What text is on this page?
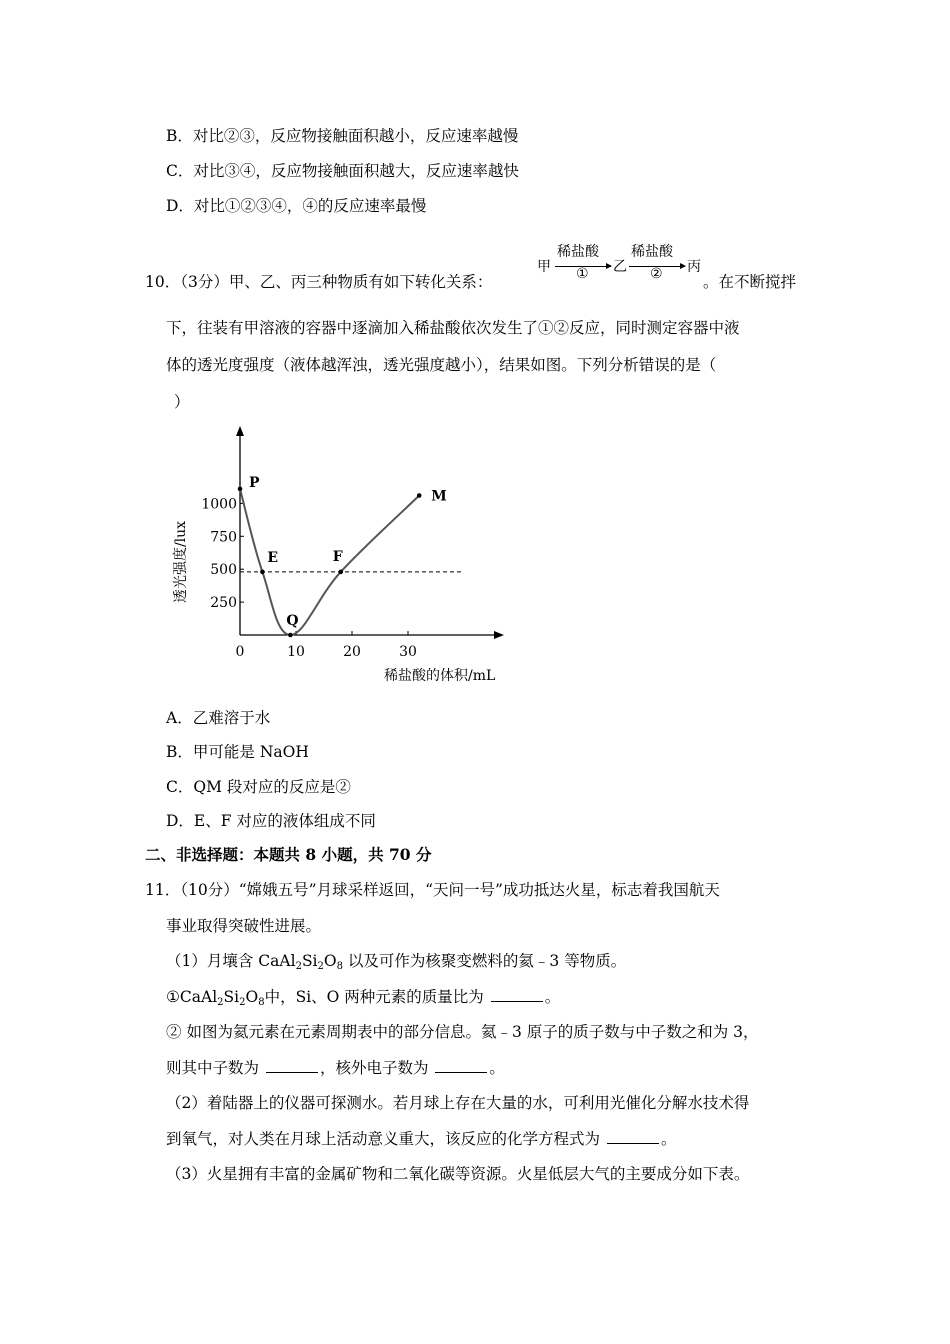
B．对比②③，反应物接触面积越小，反应速率越慢
C．对比③④，反应物接触面积越大，反应速率越快
D．对比①②③④，④的反应速率最慢
10．（3分）甲、乙、丙三种物质有如下转化关系：
甲
稀盐酸
① 乙
稀盐酸
② 丙
。在不断搅拌
下，往装有甲溶液的容器中逐滴加入稀盐酸依次发生了①②反应，同时测定容器中液
体的透光度强度（液体越浑浊，透光强度越小），结果如图。下列分析错误的是（
）
0	10	20	30
250
500
750
1000
P
E
Q
F
M
稀盐酸的体积/mL
透光强度/lux
A．乙难溶于水
B．甲可能是 NaOH
C．QM 段对应的反应是②
D．E、F 对应的液体组成不同
二、非选择题：本题共 8 小题，共 70 分
11．（10分）“嫦娥五号”月球采样返回，“天问一号”成功抵达火星，标志着我国航天
事业取得突破性进展。
（1）月壤含 $CaAl_2Si_2O_8$ 以及可作为核聚变燃料的氦﹣3 等物质。
$①CaAl_2Si_2O_8$中，Si、O 两种元素的质量比为	。
② 如图为氦元素在元素周期表中的部分信息。氦﹣3 原子的质子数与中子数之和为 3，
则其中子数为	，核外电子数为	。
（2）着陆器上的仪器可探测水。若月球上存在大量的水，可利用光催化分解水技术得
到氧气，对人类在月球上活动意义重大，该反应的化学方程式为	。
（3）火星拥有丰富的金属矿物和二氧化碳等资源。火星低层大气的主要成分如下表。
